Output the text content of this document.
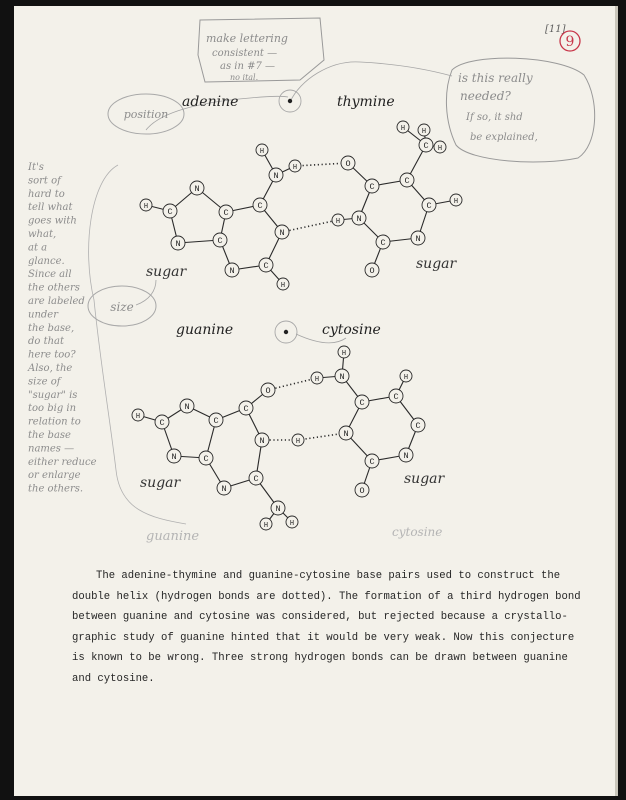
[11]
9
make lettering
consistent —
as in #7 —
no ital.	is this really
needed?
If so, it shd
be explained,
position
size
It's
sort of
hard to
tell what
goes with
what,
at a
glance.
Since all
the others
are labeled
under
the base,
do that
here too?
Also, the
size of
"sugar" is
too big in
relation to
the base
names —
either reduce
or enlarge
the others.
adenine	thymine
guanine	cytosine
sugar	sugar
sugar	sugar
guanine	cytosine
H C
N
C
C
N	C
N	C
H
N
N
H
H	O
C
C
C
H
H
H
C	H
N
C
O
N
H
H
C
N
C
C
N	C
N
C
N
O
N
H	H
H N
H
C
C
H
C
N
C
O
N
H
The adenine-thymine and guanine-cytosine base pairs used to construct the
double helix (hydrogen bonds are dotted). The formation of a third hydrogen bond
between guanine and cytosine was considered, but rejected because a crystallo-
graphic study of guanine hinted that it would be very weak. Now this conjecture
is known to be wrong. Three strong hydrogen bonds can be drawn between guanine
and cytosine.
